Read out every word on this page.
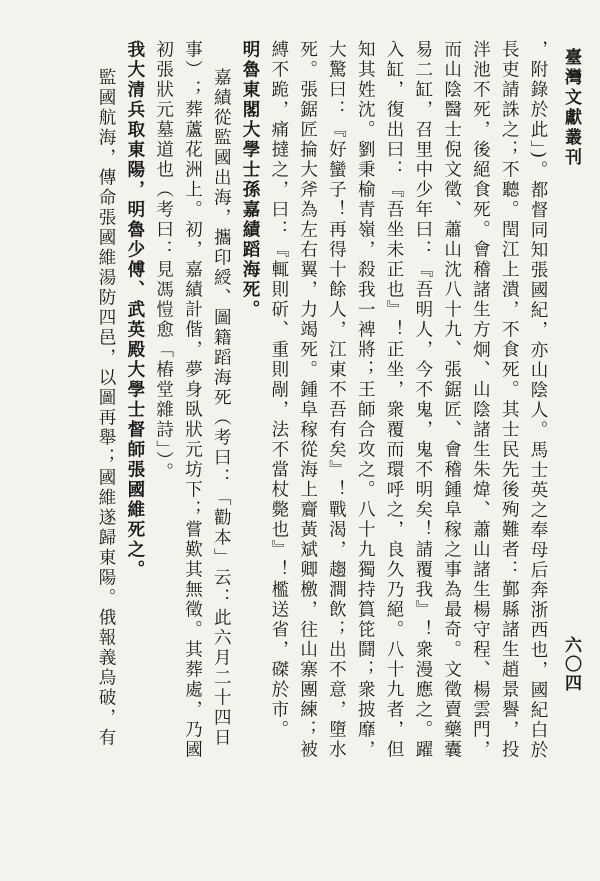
臺灣文獻叢刊
六〇四
，附錄於此」)。都督同知張國紀，亦山陰人。馬士英之奉母后奔浙西也，國紀白於
長吏請誅之；不聽。閏江上潰，不食死。其士民先後殉難者：鄞縣諸生趙景譽，投
泮池不死，後絕食死。會稽諸生方炯、山陰諸生朱煒、蕭山諸生楊守程、楊雲門，
而山陰醫士倪文徵、蕭山沈八十九、張鋸匠、會稽鍾阜稼之事為最奇。文徵賣藥囊
易二缸，召里中少年曰：『吾明人，今不鬼，鬼不明矣！請覆我』！衆漫應之。躍
入缸，復出曰：『吾坐未正也』！正坐，衆覆而環呼之，良久乃絕。八十九者，但
知其姓沈。劉秉榆青嶺，殺我一裨將；王師合攻之。八十九獨持篔笓鬪；衆披靡，
大驚曰：『好蠻子！再得十餘人，江東不吾有矣』！戰渴，趨澗飲；出不意，墮水
死。張鋸匠掄大斧為左右翼，力竭死。鍾阜稼從海上齎黃斌卿檄，往山寨團練；被
縛不跪，痛撻之，曰：『輒則斫、重則剮，法不當杖斃也』！檻送省，磔於市。
明魯東閣大學士孫嘉績蹈海死。
嘉績從監國出海，攜印綬、圖籍蹈海死（考曰：「勸本」云：此六月二十四日
事）；葬蘆花洲上。初，嘉績計偕，夢身臥狀元坊下；嘗歎其無徵。其葬處，乃國
初張狀元墓道也（考曰：見馮愷愈「樁堂雜詩」）。
我大清兵取東陽，明魯少傅、武英殿大學士督師張國維死之。
監國航海，傳命張國維湯防四邑，以圖再舉；國維遂歸東陽。俄報義烏破，有
